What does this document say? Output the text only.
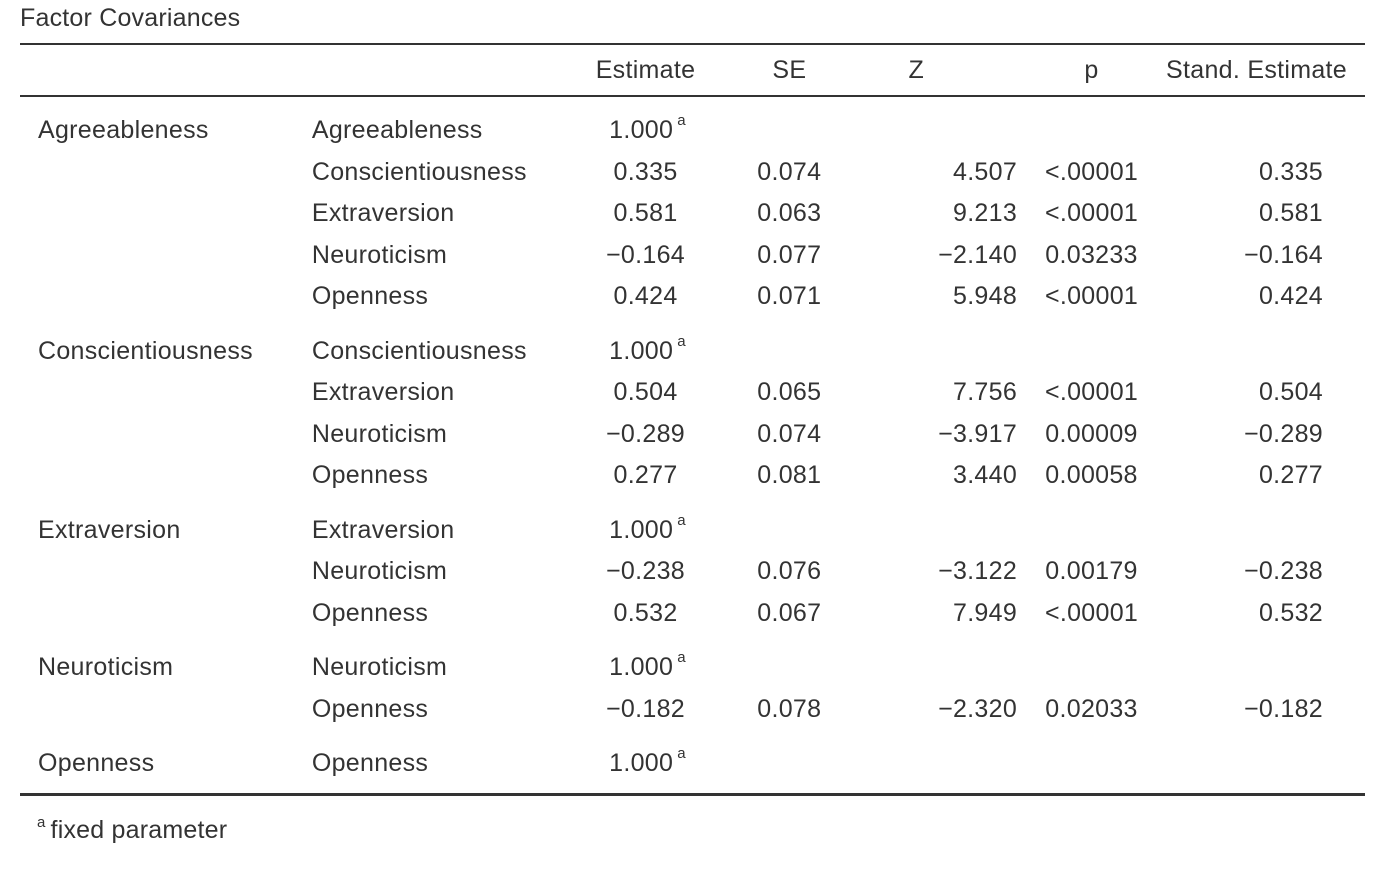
Factor Covariances
		Estimate	SE	Z	p	Stand. Estimate

Agreeableness	Agreeableness	1.000 $^a$				
	Conscientiousness	0.335	0.074	4.507	<.00001	0.335
	Extraversion	0.581	0.063	9.213	<.00001	0.581
	Neuroticism	−0.164	0.077	−2.140	0.03233	−0.164
	Openness	0.424	0.071	5.948	<.00001	0.424

Conscientiousness	Conscientiousness	1.000 $^a$				
	Extraversion	0.504	0.065	7.756	<.00001	0.504
	Neuroticism	−0.289	0.074	−3.917	0.00009	−0.289
	Openness	0.277	0.081	3.440	0.00058	0.277

Extraversion	Extraversion	1.000 $^a$				
	Neuroticism	−0.238	0.076	−3.122	0.00179	−0.238
	Openness	0.532	0.067	7.949	<.00001	0.532

Neuroticism	Neuroticism	1.000 $^a$				
	Openness	−0.182	0.078	−2.320	0.02033	−0.182

Openness	Openness	1.000 $^a$				

$^a$ fixed parameter
